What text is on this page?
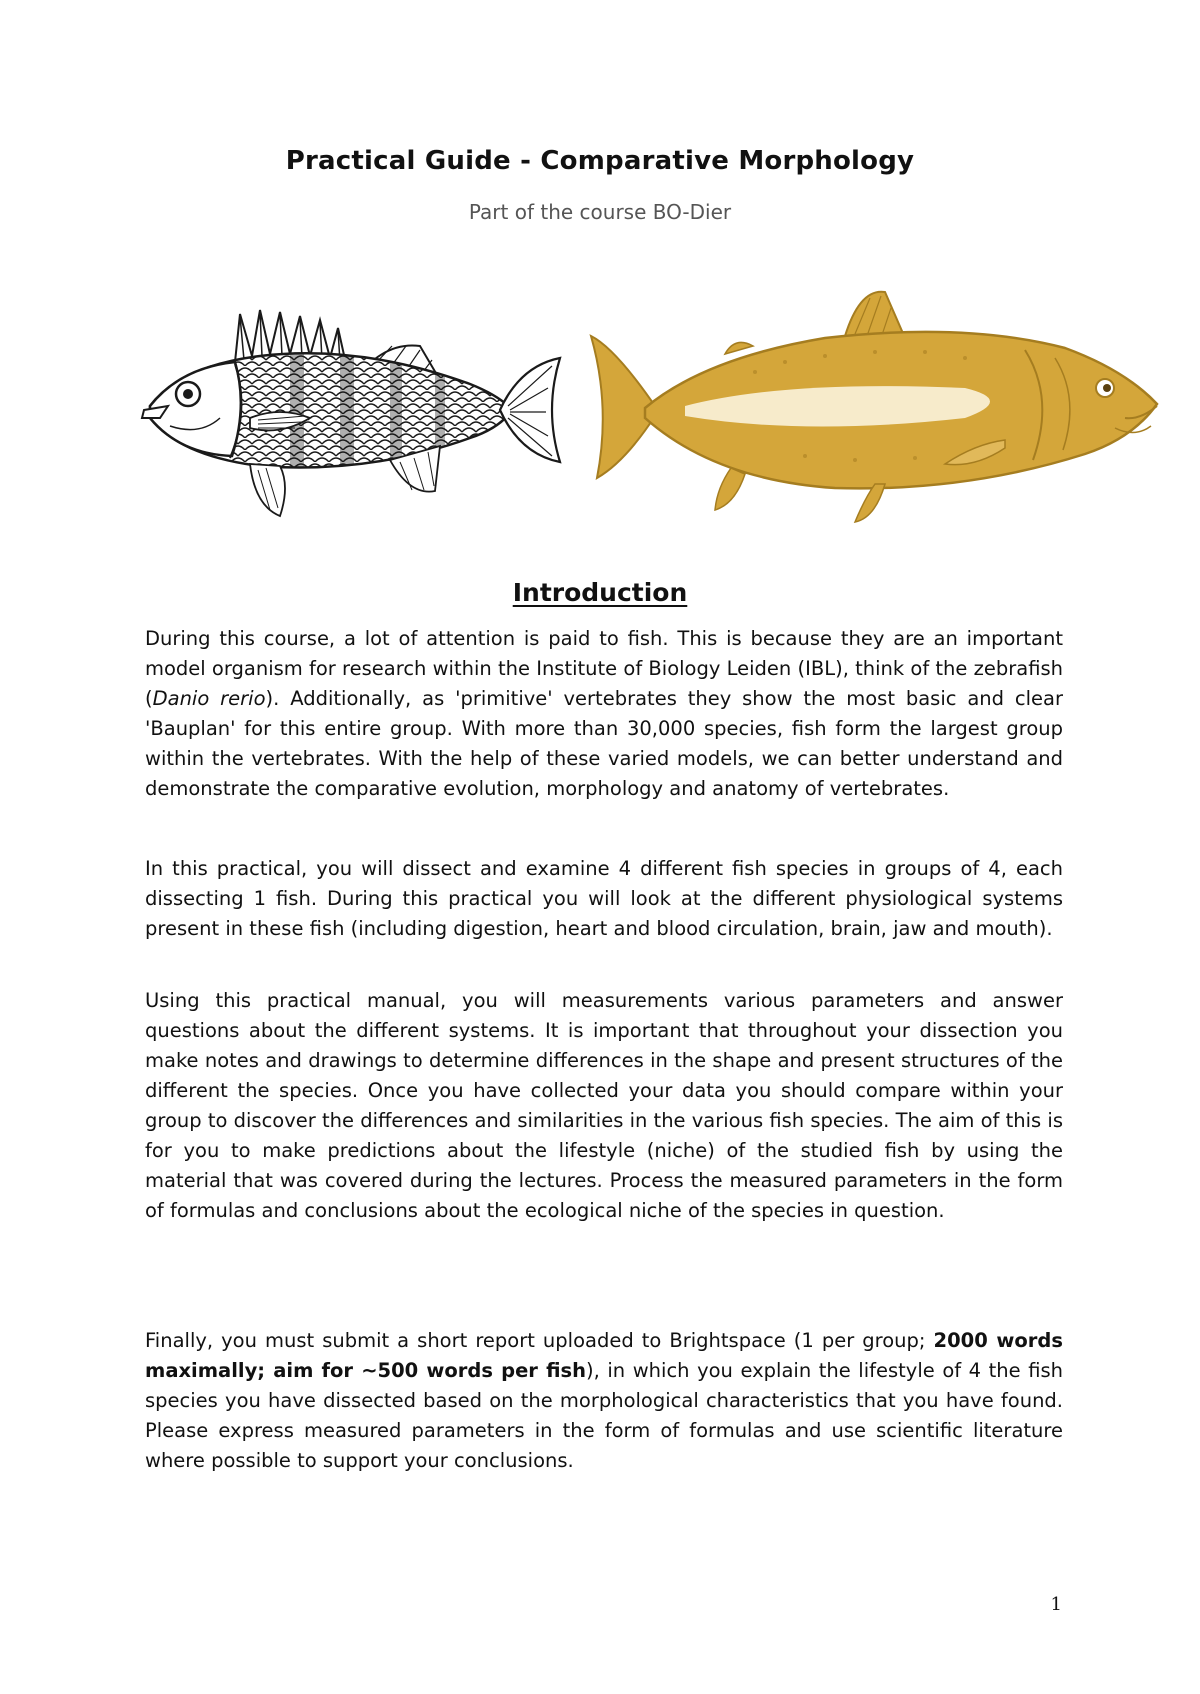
Practical Guide - Comparative Morphology
Part of the course BO-Dier
Introduction

During this course, a lot of attention is paid to fish. This is because they are an important model organism for research within the Institute of Biology Leiden (IBL), think of the zebrafish (Danio rerio). Additionally, as 'primitive' vertebrates they show the most basic and clear 'Bauplan' for this entire group. With more than 30,000 species, fish form the largest group within the vertebrates. With the help of these varied models, we can better understand and demonstrate the comparative evolution, morphology and anatomy of vertebrates.

In this practical, you will dissect and examine 4 different fish species in groups of 4, each dissecting 1 fish. During this practical you will look at the different physiological systems present in these fish (including digestion, heart and blood circulation, brain, jaw and mouth).

Using this practical manual, you will measurements various parameters and answer questions about the different systems. It is important that throughout your dissection you make notes and drawings to determine differences in the shape and present structures of the different the species. Once you have collected your data you should compare within your group to discover the differences and similarities in the various fish species. The aim of this is for you to make predictions about the lifestyle (niche) of the studied fish by using the material that was covered during the lectures. Process the measured parameters in the form of formulas and conclusions about the ecological niche of the species in question.

Finally, you must submit a short report uploaded to Brightspace (1 per group; 2000 words maximally; aim for ~500 words per fish), in which you explain the lifestyle of 4 the fish species you have dissected based on the morphological characteristics that you have found. Please express measured parameters in the form of formulas and use scientific literature where possible to support your conclusions.

1
